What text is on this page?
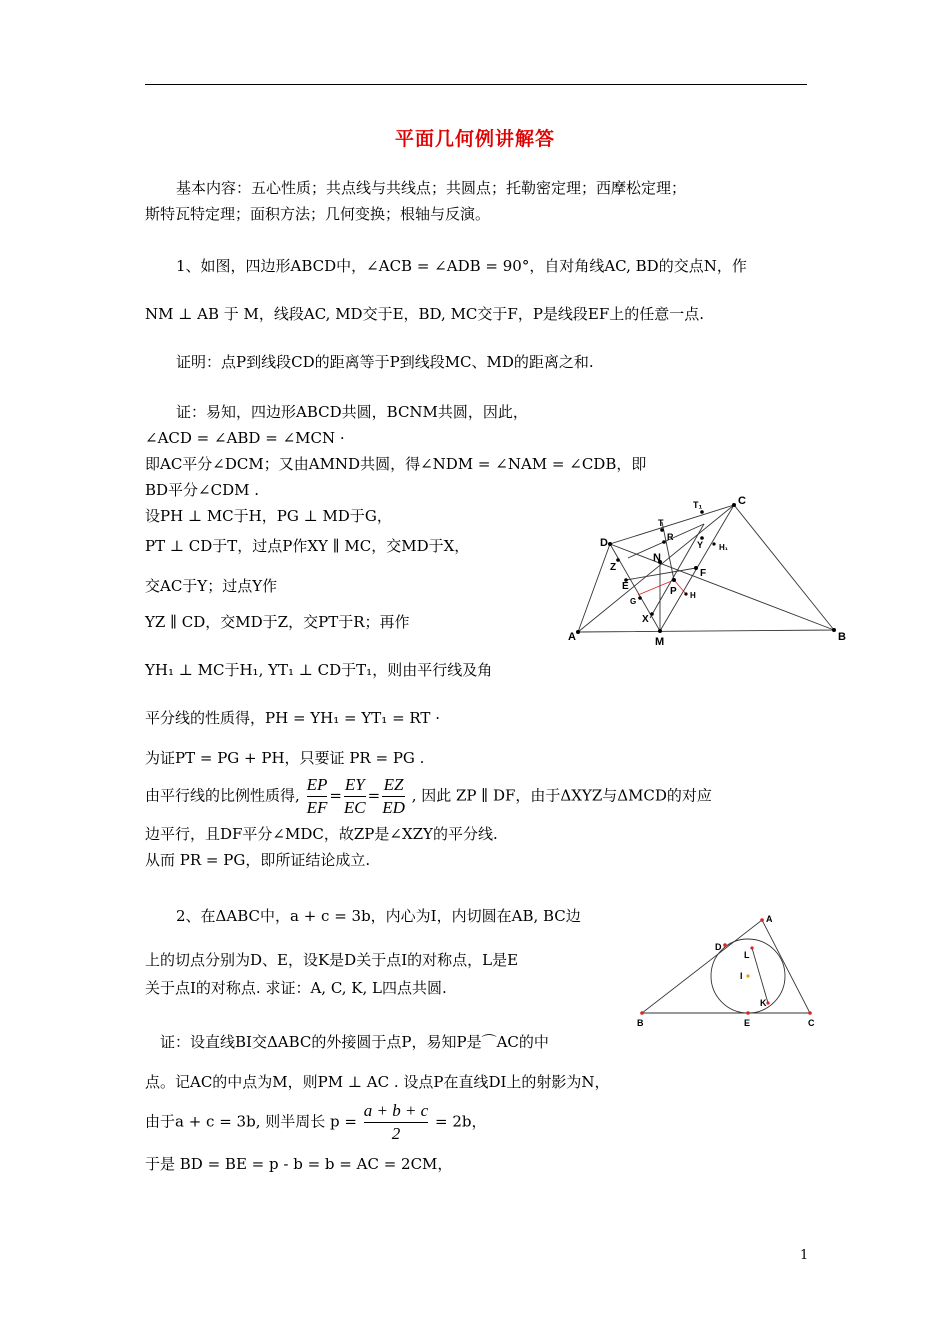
平面几何例讲解答
基本内容：五心性质；共点线与共线点；共圆点；托勒密定理；西摩松定理；
斯特瓦特定理；面积方法；几何变换；根轴与反演。
1、如图，四边形ABCD中，∠ACB = ∠ADB = 90°，自对角线AC, BD的交点N，作
NM ⊥ AB 于 M，线段AC, MD交于E，BD, MC交于F，P是线段EF上的任意一点.
证明：点P到线段CD的距离等于P到线段MC、MD的距离之和.
证：易知，四边形ABCD共圆，BCNM共圆，因此，
∠ACD = ∠ABD = ∠MCN ·
即AC平分∠DCM；又由AMND共圆，得∠NDM = ∠NAM = ∠CDB，即
BD平分∠CDM .
设PH ⊥ MC于H，PG ⊥ MD于G，
PT ⊥ CD于T，过点P作XY ∥ MC，交MD于X，
交AC于Y；过点Y作
YZ ∥ CD，交MD于Z，交PT于R；再作
YH₁ ⊥ MC于H₁, YT₁ ⊥ CD于T₁，则由平行线及角
平分线的性质得，PH = YH₁ = YT₁ = RT ·
为证PT = PG + PH，只要证 PR = PG .
由平行线的比例性质得, $\frac{EP}{EF} = \frac{EY}{EC} = \frac{EZ}{ED}$ , 因此 ZP ∥ DF，由于ΔXYZ与ΔMCD的对应
边平行，且DF平分∠MDC，故ZP是∠XZY的平分线.
从而 PR = PG，即所证结论成立.
C
T₁
T
R
Y H₁
D
N
Z
F
E	P H
G
X
A	M	B
2、在ΔABC中，a + c = 3b，内心为I，内切圆在AB, BC边
上的切点分别为D、E，设K是D关于点I的对称点，L是E
关于点I的对称点. 求证：A, C, K, L四点共圆.
证：设直线BI交ΔABC的外接圆于点P，易知P是⌒AC的中
点。记AC的中点为M，则PM ⊥ AC . 设点P在直线DI上的射影为N，
由于a + c = 3b, 则半周长 $p = \frac{a + b + c}{2} = 2b$，
于是 BD = BE = p - b = b = AC = 2CM，
A
D
L
I
K
B	E	C
1
